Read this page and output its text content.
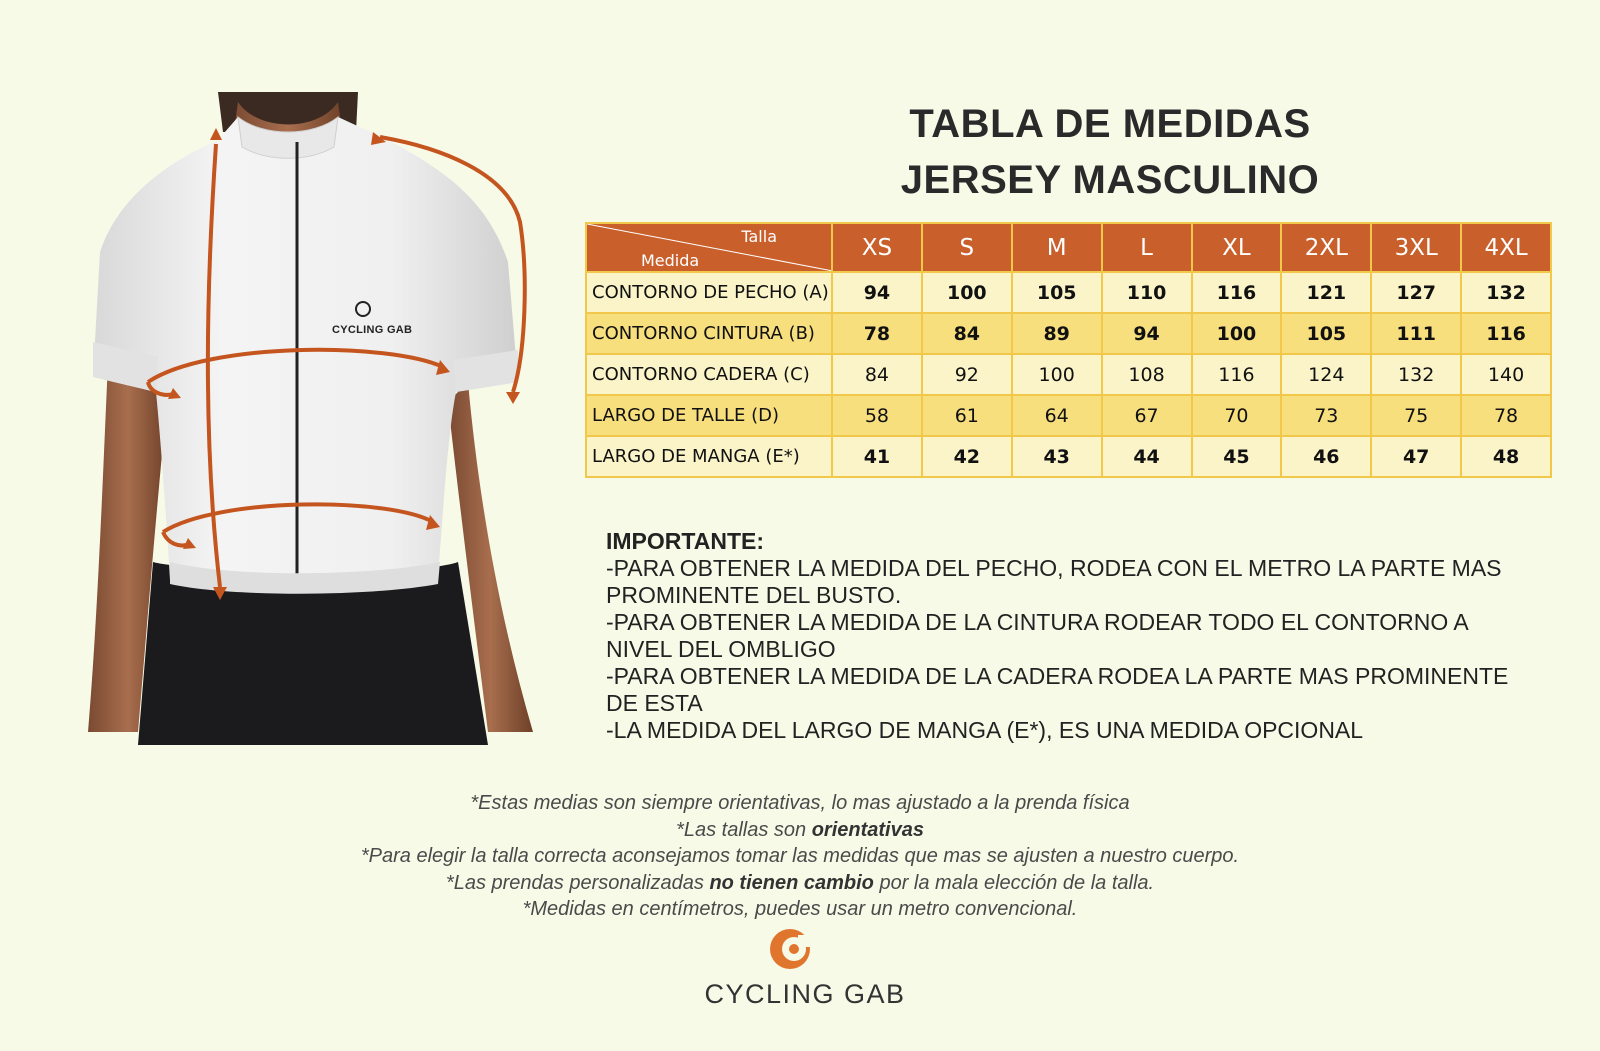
CYCLING GAB
TABLA DE MEDIDAS
JERSEY MASCULINO
Talla
Medida	XS	S	M	L	XL	2XL	3XL	4XL
CONTORNO DE PECHO (A)	94	100	105	110	116	121	127	132
CONTORNO CINTURA (B)	78	84	89	94	100	105	111	116
CONTORNO CADERA (C)	84	92	100	108	116	124	132	140
LARGO DE TALLE (D)	58	61	64	67	70	73	75	78
LARGO DE MANGA (E*)	41	42	43	44	45	46	47	48
IMPORTANTE:

-PARA OBTENER LA MEDIDA DEL PECHO, RODEA CON EL METRO LA PARTE MAS PROMINENTE DEL BUSTO.

-PARA OBTENER LA MEDIDA DE LA CINTURA RODEAR TODO EL CONTORNO A NIVEL DEL OMBLIGO

-PARA OBTENER LA MEDIDA DE LA CADERA RODEA LA PARTE MAS PROMINENTE DE ESTA

-LA MEDIDA DEL LARGO DE MANGA (E*), ES UNA MEDIDA OPCIONAL

*Estas medias son siempre orientativas, lo mas ajustado a la prenda física

*Las tallas son orientativas

*Para elegir la talla correcta aconsejamos tomar las medidas que mas se ajusten a nuestro cuerpo.

*Las prendas personalizadas no tienen cambio por la mala elección de la talla.

*Medidas en centímetros, puedes usar un metro convencional.

CYCLING GAB
